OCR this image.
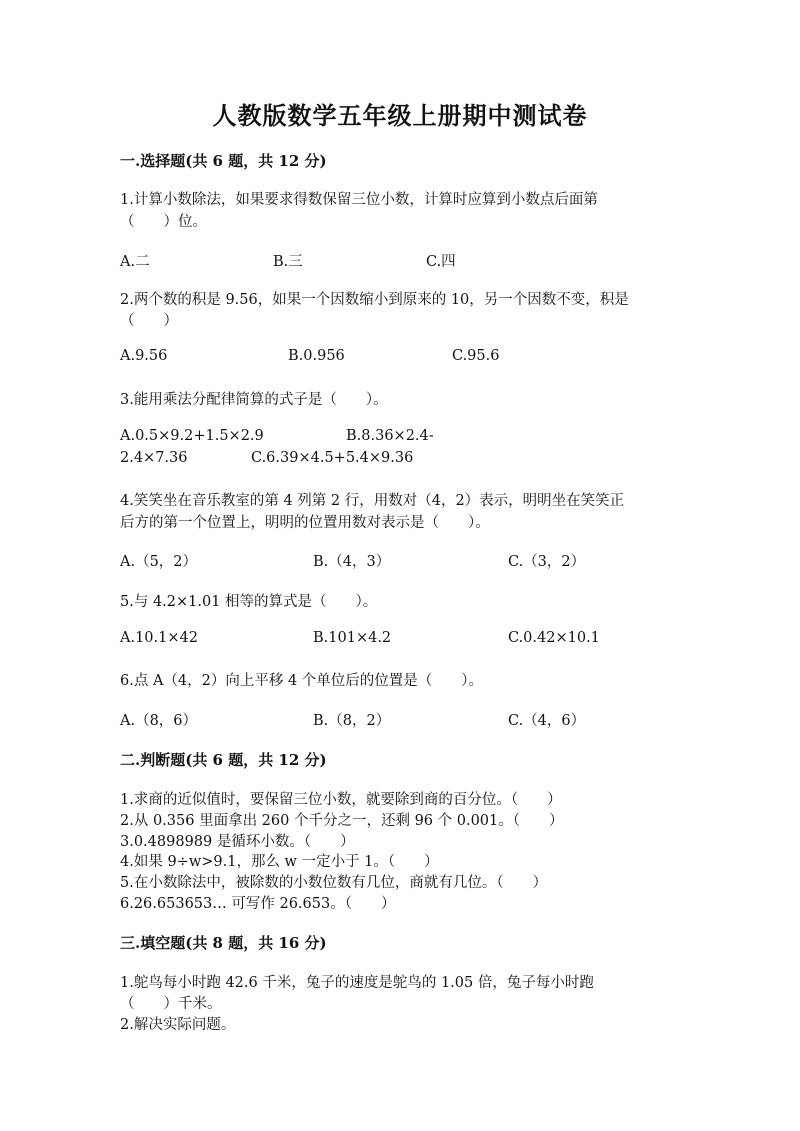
人教版数学五年级上册期中测试卷
一.选择题(共 6 题，共 12 分)
1.计算小数除法，如果要求得数保留三位小数，计算时应算到小数点后面第
（　　）位。
A.二	B.三	C.四
2.两个数的积是 9.56，如果一个因数缩小到原来的 10，另一个因数不变，积是
（　　）
A.9.56	B.0.956	C.95.6
3.能用乘法分配律简算的式子是（　　）。
A.0.5×9.2+1.5×2.9	B.8.36×2.4-
2.4×7.36	C.6.39×4.5+5.4×9.36
4.笑笑坐在音乐教室的第 4 列第 2 行，用数对（4，2）表示，明明坐在笑笑正
后方的第一个位置上，明明的位置用数对表示是（　　）。
A.（5，2）	B.（4，3）	C.（3，2）
5.与 4.2×1.01 相等的算式是（　　）。
A.10.1×42	B.101×4.2	C.0.42×10.1
6.点 A（4，2）向上平移 4 个单位后的位置是（　　）。
A.（8，6）	B.（8，2）	C.（4，6）
二.判断题(共 6 题，共 12 分)
1.求商的近似值时，要保留三位小数，就要除到商的百分位。（　　）
2.从 0.356 里面拿出 260 个千分之一，还剩 96 个 0.001。（　　）
3.0.4898989 是循环小数。（　　）
4.如果 9÷w>9.1，那么 w 一定小于 1。（　　）
5.在小数除法中，被除数的小数位数有几位，商就有几位。（　　）
6.26.653653… 可写作 26.653。（　　）
三.填空题(共 8 题，共 16 分)
1.鸵鸟每小时跑 42.6 千米，兔子的速度是鸵鸟的 1.05 倍，兔子每小时跑
（　　）千米。
2.解决实际问题。
